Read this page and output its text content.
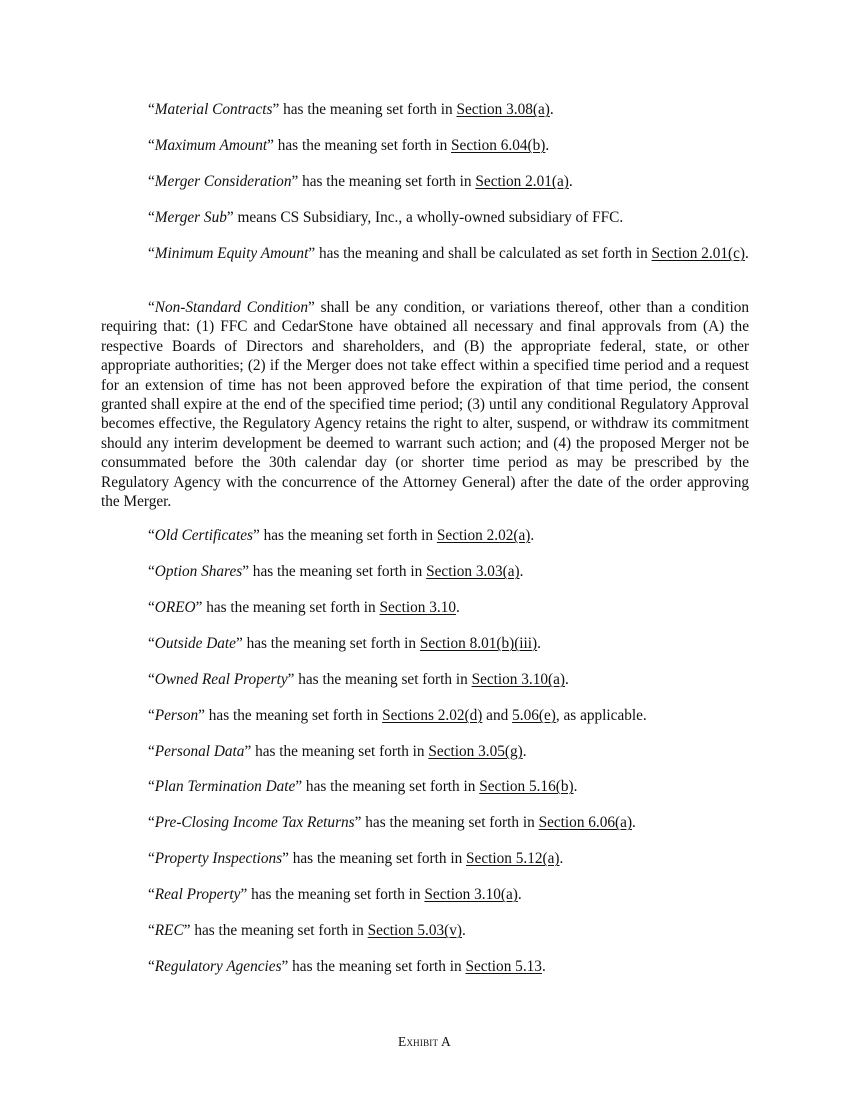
“Material Contracts” has the meaning set forth in Section 3.08(a).

“Maximum Amount” has the meaning set forth in Section 6.04(b).

“Merger Consideration” has the meaning set forth in Section 2.01(a).

“Merger Sub” means CS Subsidiary, Inc., a wholly-owned subsidiary of FFC.

“Minimum Equity Amount” has the meaning and shall be calculated as set forth in Section 2.01(c).

“Non-Standard Condition” shall be any condition, or variations thereof, other than a condition requiring that: (1) FFC and CedarStone have obtained all necessary and final approvals from (A) the respective Boards of Directors and shareholders, and (B) the appropriate federal, state, or other appropriate authorities; (2) if the Merger does not take effect within a specified time period and a request for an extension of time has not been approved before the expiration of that time period, the consent granted shall expire at the end of the specified time period; (3) until any conditional Regulatory Approval becomes effective, the Regulatory Agency retains the right to alter, suspend, or withdraw its commitment should any interim development be deemed to warrant such action; and (4) the proposed Merger not be consummated before the 30th calendar day (or shorter time period as may be prescribed by the Regulatory Agency with the concurrence of the Attorney General) after the date of the order approving the Merger.

“Old Certificates” has the meaning set forth in Section 2.02(a).

“Option Shares” has the meaning set forth in Section 3.03(a).

“OREO” has the meaning set forth in Section 3.10.

“Outside Date” has the meaning set forth in Section 8.01(b)(iii).

“Owned Real Property” has the meaning set forth in Section 3.10(a).

“Person” has the meaning set forth in Sections 2.02(d) and 5.06(e), as applicable.

“Personal Data” has the meaning set forth in Section 3.05(g).

“Plan Termination Date” has the meaning set forth in Section 5.16(b).

“Pre-Closing Income Tax Returns” has the meaning set forth in Section 6.06(a).

“Property Inspections” has the meaning set forth in Section 5.12(a).

“Real Property” has the meaning set forth in Section 3.10(a).

“REC” has the meaning set forth in Section 5.03(v).

“Regulatory Agencies” has the meaning set forth in Section 5.13.

Exhibit A
